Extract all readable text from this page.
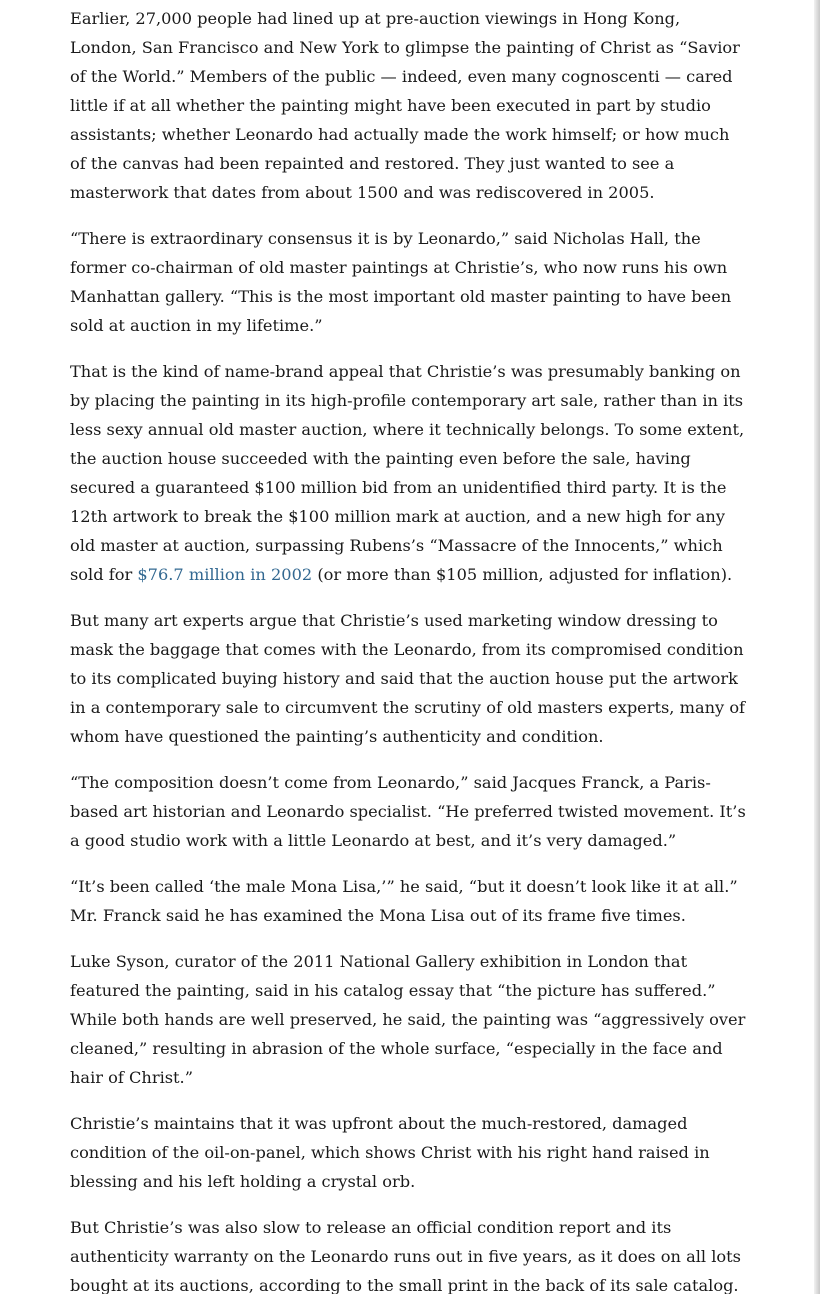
Earlier, 27,000 people had lined up at pre-auction viewings in Hong Kong, London, San Francisco and New York to glimpse the painting of Christ as “Savior of the World.” Members of the public — indeed, even many cognoscenti — cared little if at all whether the painting might have been executed in part by studio assistants; whether Leonardo had actually made the work himself; or how much of the canvas had been repainted and restored. They just wanted to see a masterwork that dates from about 1500 and was rediscovered in 2005.

“There is extraordinary consensus it is by Leonardo,” said Nicholas Hall, the former co-chairman of old master paintings at Christie’s, who now runs his own Manhattan gallery. “This is the most important old master painting to have been sold at auction in my lifetime.”

That is the kind of name-brand appeal that Christie’s was presumably banking on by placing the painting in its high-profile contemporary art sale, rather than in its less sexy annual old master auction, where it technically belongs. To some extent, the auction house succeeded with the painting even before the sale, having secured a guaranteed $100 million bid from an unidentified third party. It is the 12th artwork to break the $100 million mark at auction, and a new high for any old master at auction, surpassing Rubens’s “Massacre of the Innocents,” which sold for $76.7 million in 2002 (or more than $105 million, adjusted for inflation).

But many art experts argue that Christie’s used marketing window dressing to mask the baggage that comes with the Leonardo, from its compromised condition to its complicated buying history and said that the auction house put the artwork in a contemporary sale to circumvent the scrutiny of old masters experts, many of whom have questioned the painting’s authenticity and condition.

“The composition doesn’t come from Leonardo,” said Jacques Franck, a Paris-based art historian and Leonardo specialist. “He preferred twisted movement. It’s a good studio work with a little Leonardo at best, and it’s very damaged.”

“It’s been called ‘the male Mona Lisa,’” he said, “but it doesn’t look like it at all.” Mr. Franck said he has examined the Mona Lisa out of its frame five times.

Luke Syson, curator of the 2011 National Gallery exhibition in London that featured the painting, said in his catalog essay that “the picture has suffered.” While both hands are well preserved, he said, the painting was “aggressively over cleaned,” resulting in abrasion of the whole surface, “especially in the face and hair of Christ.”

Christie’s maintains that it was upfront about the much-restored, damaged condition of the oil-on-panel, which shows Christ with his right hand raised in blessing and his left holding a crystal orb.

But Christie’s was also slow to release an official condition report and its authenticity warranty on the Leonardo runs out in five years, as it does on all lots bought at its auctions, according to the small print in the back of its sale catalog.
